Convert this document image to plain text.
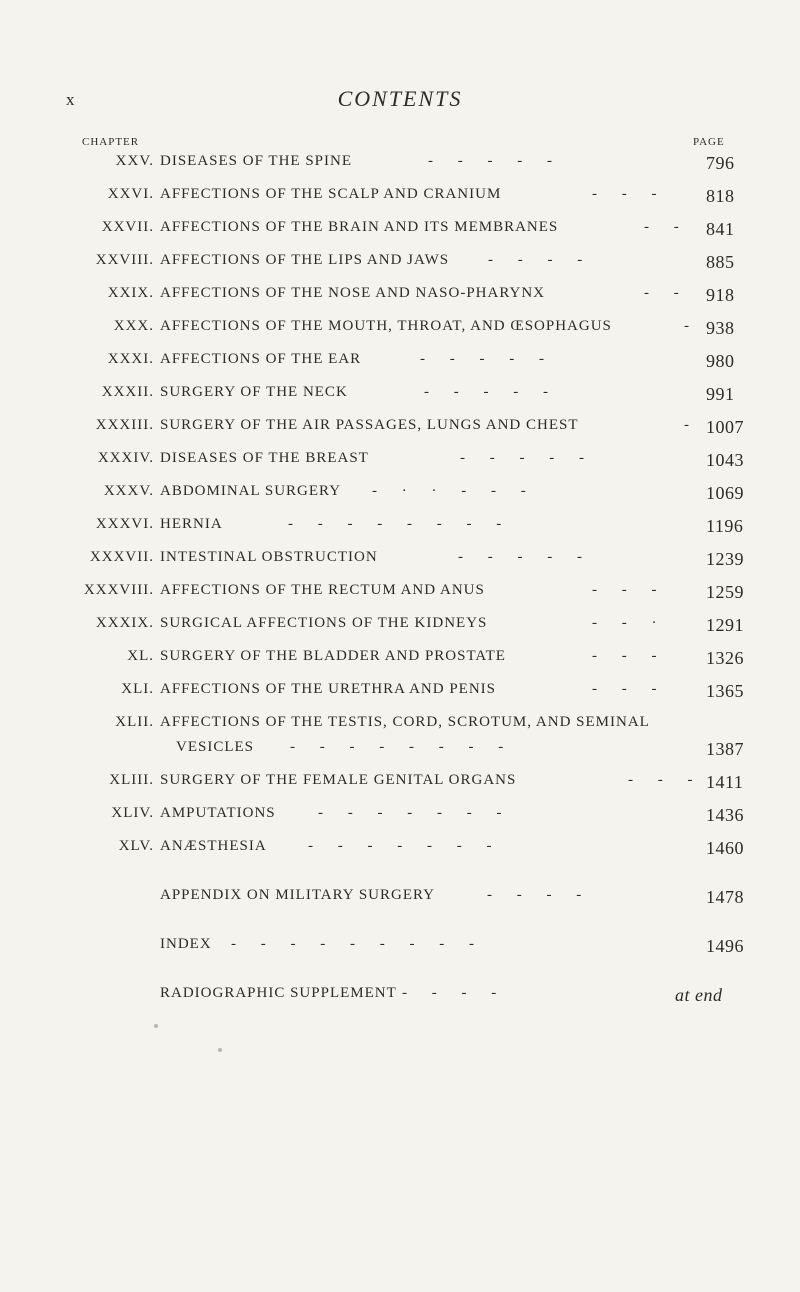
x	CONTENTS
CHAPTER	PAGE
XXV. DISEASES OF THE SPINE	-     -     -     -     -	796
XXVI. AFFECTIONS OF THE SCALP AND CRANIUM	-     -     -	818
XXVII. AFFECTIONS OF THE BRAIN AND ITS MEMBRANES	-     - 841
XXVIII. AFFECTIONS OF THE LIPS AND JAWS	-     -     -     -	885
XXIX. AFFECTIONS OF THE NOSE AND NASO-PHARYNX	-     - 918
XXX. AFFECTIONS OF THE MOUTH, THROAT, AND ŒSOPHAGUS	- 938
XXXI. AFFECTIONS OF THE EAR	-     -     -     -     -	980
XXXII. SURGERY OF THE NECK	-     -     -     -     -	991
XXXIII. SURGERY OF THE AIR PASSAGES, LUNGS AND CHEST	- 1007
XXXIV. DISEASES OF THE BREAST	-     -     -     -     -	1043
XXXV. ABDOMINAL SURGERY -     ·     ·     -     -     -	1069
XXXVI. HERNIA	-     -     -     -     -     -     -     -	1196
XXXVII. INTESTINAL OBSTRUCTION	-     -     -     -     -	1239
XXXVIII. AFFECTIONS OF THE RECTUM AND ANUS	-     -     -	1259
XXXIX. SURGICAL AFFECTIONS OF THE KIDNEYS	-     -     ·	1291
XL. SURGERY OF THE BLADDER AND PROSTATE	-     -     -	1326
XLI. AFFECTIONS OF THE URETHRA AND PENIS	-     -     -	1365
XLII. AFFECTIONS OF THE TESTIS, CORD, SCROTUM, AND SEMINAL
VESICLES -     -     -     -     -     -     -     -	1387
XLIII. SURGERY OF THE FEMALE GENITAL ORGANS	-     -     - 1411
XLIV. AMPUTATIONS	-     -     -     -     -     -     -	1436
XLV. ANÆSTHESIA	-     -     -     -     -     -     -	1460
APPENDIX ON MILITARY SURGERY	-     -     -     -	1478
INDEX -     -     -     -     -     -     -     -     -	1496
RADIOGRAPHIC SUPPLEMENT -     -     -     -	at end
